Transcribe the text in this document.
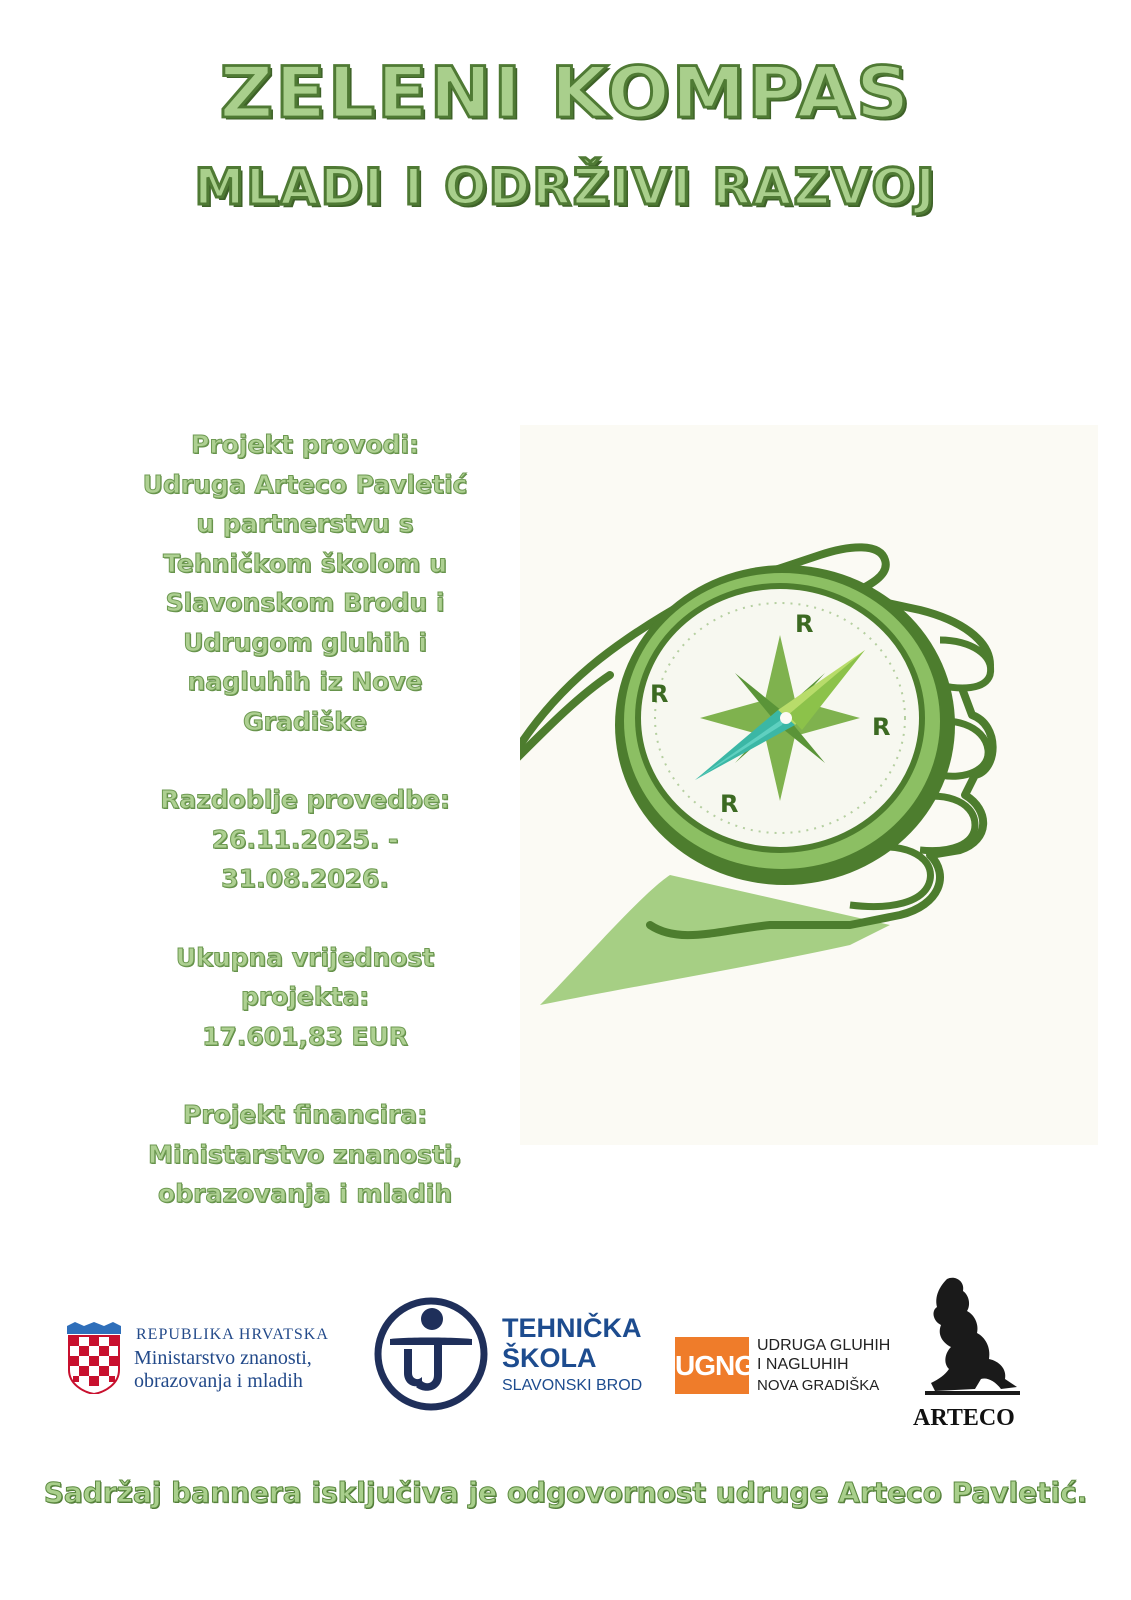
ZELENI KOMPAS
MLADI I ODRŽIVI RAZVOJ
Projekt provodi:
Udruga Arteco Pavletić
u partnerstvu s
Tehničkom školom u
Slavonskom Brodu i
Udrugom gluhih i
nagluhih iz Nove
Gradiške
Razdoblje provedbe:
26.11.2025. -
31.08.2026.
Ukupna vrijednost
projekta:
17.601,83 EUR
Projekt financira:
Ministarstvo znanosti,
obrazovanja i mladih
R
R
R
R
REPUBLIKA HRVATSKA
Ministarstvo znanosti,
obrazovanja i mladih
TEHNIČKA
ŠKOLA
SLAVONSKI BROD
UGNG
UDRUGA GLUHIH
I NAGLUHIH
NOVA GRADIŠKA
ARTECO
Sadržaj bannera isključiva je odgovornost udruge Arteco Pavletić.
